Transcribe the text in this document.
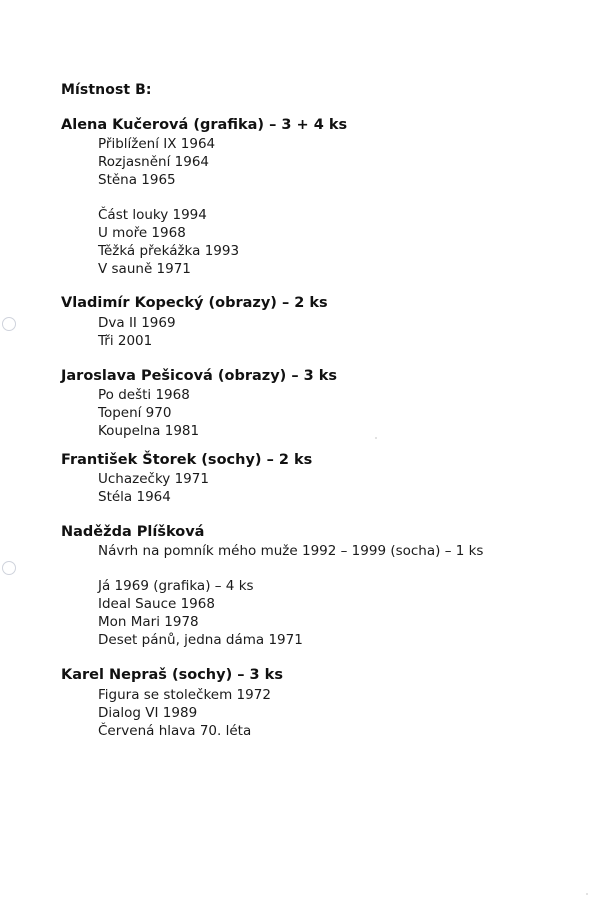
Místnost B:
Alena Kučerová (grafika) – 3 + 4 ks
Přiblížení IX 1964
Rozjasnění 1964
Stěna 1965
Část louky 1994
U moře 1968
Těžká překážka 1993
V sauně 1971
Vladimír Kopecký (obrazy) – 2 ks
Dva II 1969
Tři 2001
Jaroslava Pešicová (obrazy) – 3 ks
Po dešti 1968
Topení 970
Koupelna 1981
František Štorek (sochy) – 2 ks
Uchazečky 1971
Stéla 1964
Naděžda Plíšková
Návrh na pomník mého muže 1992 – 1999 (socha) – 1 ks
Já 1969 (grafika) – 4 ks
Ideal Sauce 1968
Mon Mari 1978
Deset pánů, jedna dáma 1971
Karel Nepraš (sochy) – 3 ks
Figura se stolečkem 1972
Dialog VI 1989
Červená hlava 70. léta
